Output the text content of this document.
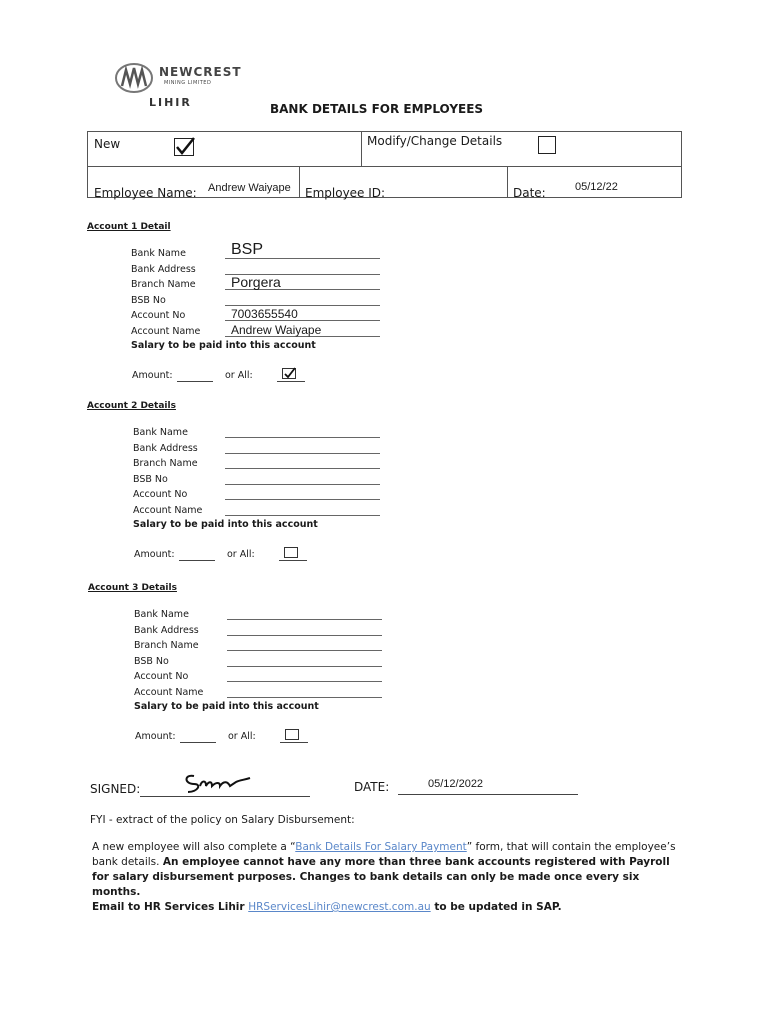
NEWCREST
MINING LIMITED
LIHIR	BANK DETAILS FOR EMPLOYEES
New	Modify/Change Details
Employee Name: Andrew Waiyape Employee ID:	Date:	05/12/22
Account 1 Detail
Bank Name	BSP
Bank Address
Branch Name	Porgera
BSB No
Account No	7003655540
Account Name	Andrew Waiyape
Salary to be paid into this account
Amount:	or All:
Account 2 Details
Bank Name
Bank Address
Branch Name
BSB No
Account No
Account Name
Salary to be paid into this account
Amount:	or All:
Account 3 Details
Bank Name
Bank Address
Branch Name
BSB No
Account No
Account Name
Salary to be paid into this account
Amount:	or All:
SIGNED:	DATE:	05/12/2022
FYI - extract of the policy on Salary Disbursement:
A new employee will also complete a “Bank Details For Salary Payment” form, that will contain the employee’s bank details. An employee cannot have any more than three bank accounts registered with Payroll for salary disbursement purposes. Changes to bank details can only be made once every six months.
Email to HR Services Lihir HRServicesLihir@newcrest.com.au to be updated in SAP.
